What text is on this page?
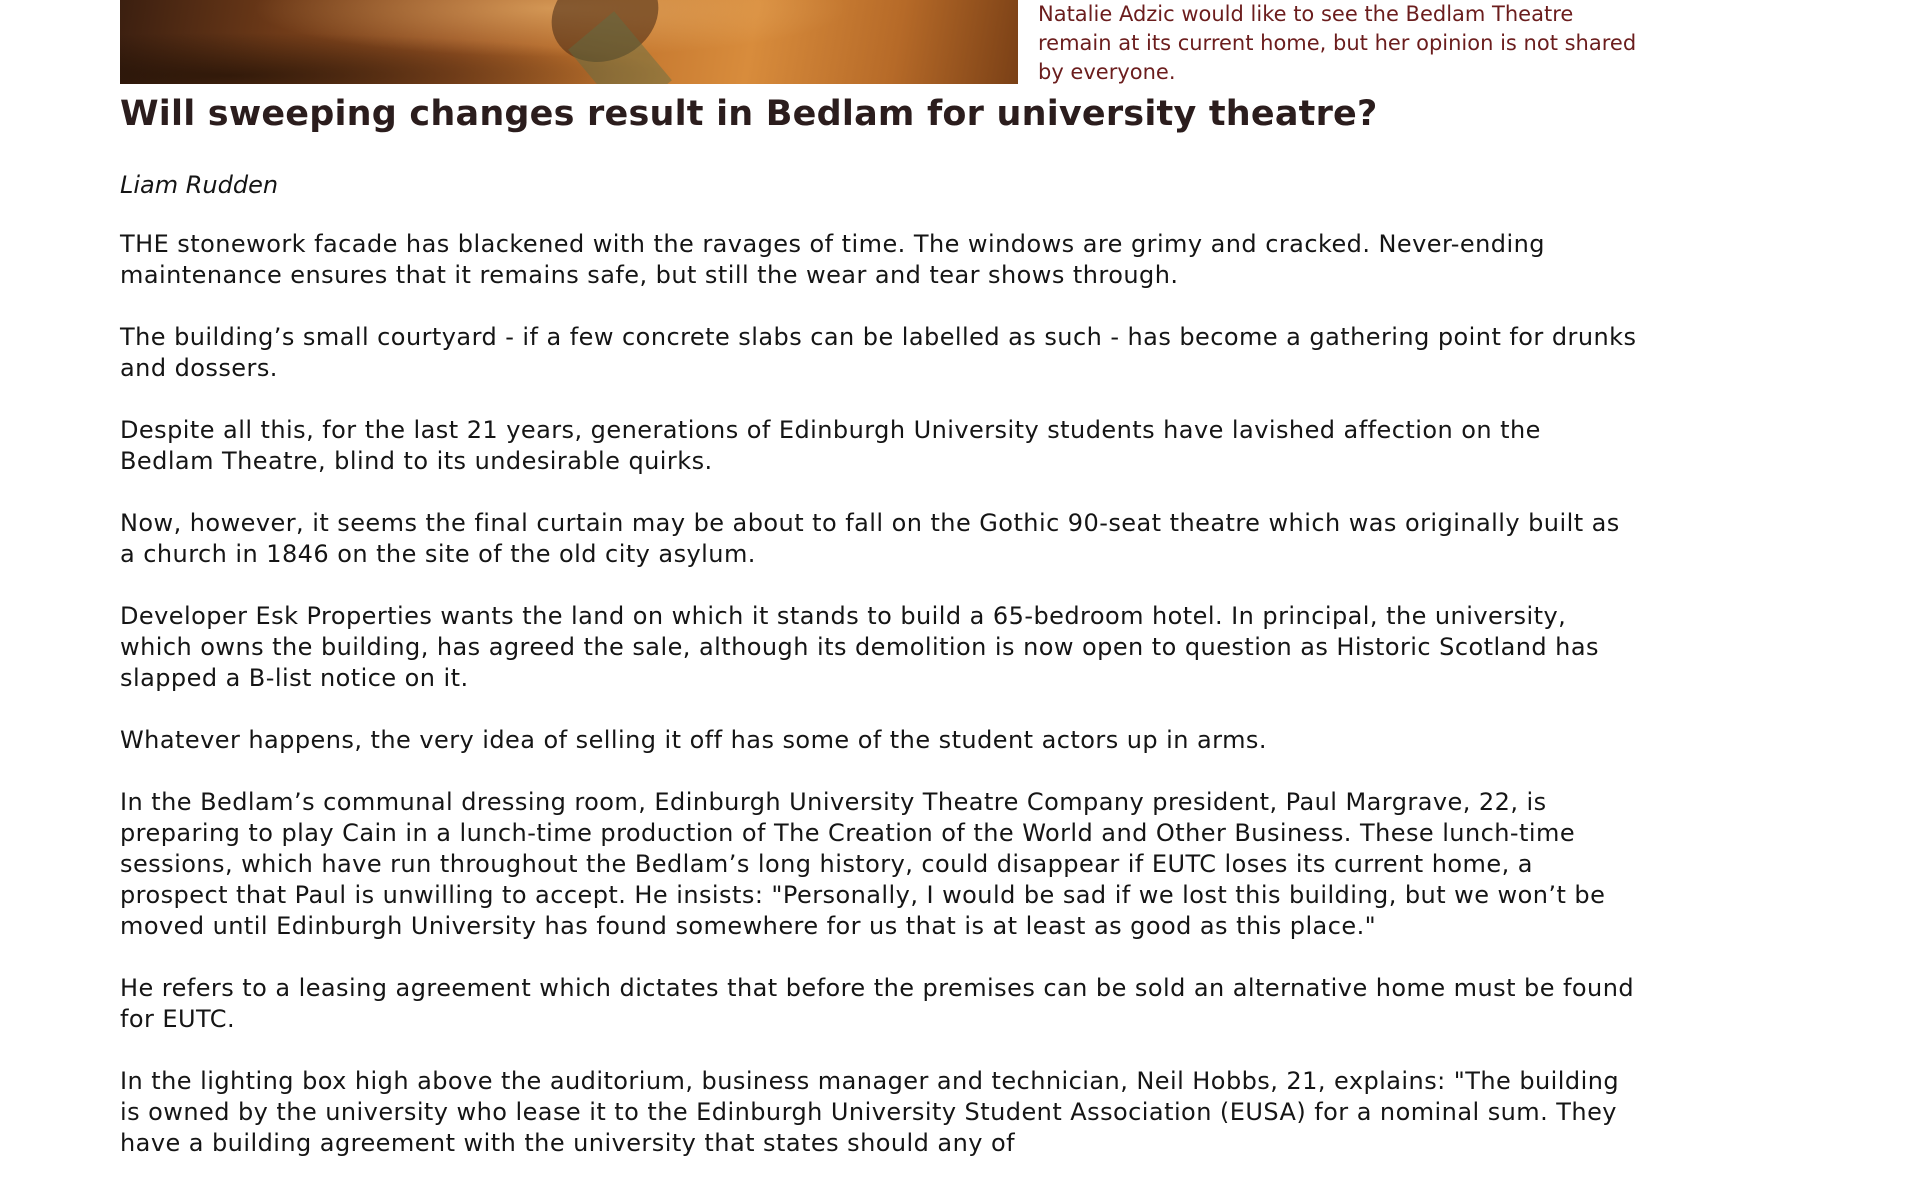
Natalie Adzic would like to see the Bedlam Theatre remain at its current home, but her opinion is not shared by everyone.

Will sweeping changes result in Bedlam for university theatre?

Liam Rudden

THE stonework facade has blackened with the ravages of time. The windows are grimy and cracked. Never-ending maintenance ensures that it remains safe, but still the wear and tear shows through.

The building’s small courtyard - if a few concrete slabs can be labelled as such - has become a gathering point for drunks and dossers.

Despite all this, for the last 21 years, generations of Edinburgh University students have lavished affection on the Bedlam Theatre, blind to its undesirable quirks.

Now, however, it seems the final curtain may be about to fall on the Gothic 90-seat theatre which was originally built as a church in 1846 on the site of the old city asylum.

Developer Esk Properties wants the land on which it stands to build a 65-bedroom hotel. In principal, the university, which owns the building, has agreed the sale, although its demolition is now open to question as Historic Scotland has slapped a B-list notice on it.

Whatever happens, the very idea of selling it off has some of the student actors up in arms.

In the Bedlam’s communal dressing room, Edinburgh University Theatre Company president, Paul Margrave, 22, is preparing to play Cain in a lunch-time production of The Creation of the World and Other Business. These lunch-time sessions, which have run throughout the Bedlam’s long history, could disappear if EUTC loses its current home, a prospect that Paul is unwilling to accept. He insists: "Personally, I would be sad if we lost this building, but we won’t be moved until Edinburgh University has found somewhere for us that is at least as good as this place."

He refers to a leasing agreement which dictates that before the premises can be sold an alternative home must be found for EUTC.

In the lighting box high above the auditorium, business manager and technician, Neil Hobbs, 21, explains: "The building is owned by the university who lease it to the Edinburgh University Student Association (EUSA) for a nominal sum. They have a building agreement with the university that states should any of
